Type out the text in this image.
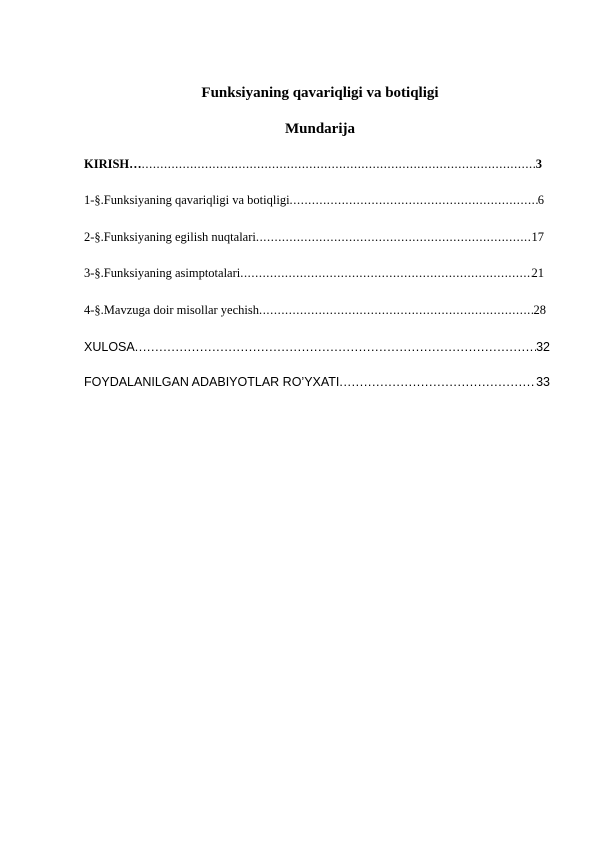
Funksiyaning qavariqligi va botiqligi
Mundarija
KIRISH… .....	3
1-§.Funksiyaning qavariqligi va botiqligi .....	6
2-§.Funksiyaning egilish nuqtalari .....	17
3-§.Funksiyaning asimptotalari .....	21
4-§.Mavzuga doir misollar yechish .....	28
XULOSA .....	32
FOYDALANILGAN ADABIYOTLAR RO’YXATI .....	33
